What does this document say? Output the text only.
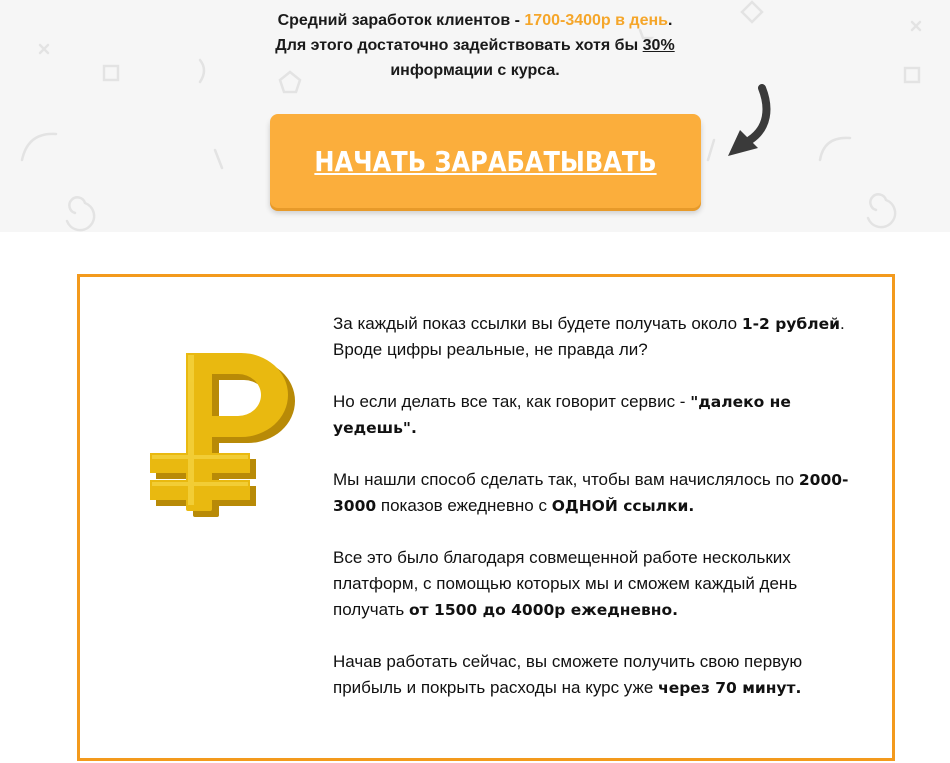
Средний заработок клиентов - 1700-3400р в день.
Для этого достаточно задействовать хотя бы 30%
информации с курса.

НАЧАТЬ ЗАРАБАТЫВАТЬ

За каждый показ ссылки вы будете получать около 1-2 рублей. Вроде цифры реальные, не правда ли?

Но если делать все так, как говорит сервис - "далеко не уедешь".

Мы нашли способ сделать так, чтобы вам начислялось по 2000-3000 показов ежедневно с ОДНОЙ ссылки.

Все это было благодаря совмещенной работе нескольких платформ, с помощью которых мы и сможем каждый день получать от 1500 до 4000р ежедневно.

Начав работать сейчас, вы сможете получить свою первую прибыль и покрыть расходы на курс уже через 70 минут.
